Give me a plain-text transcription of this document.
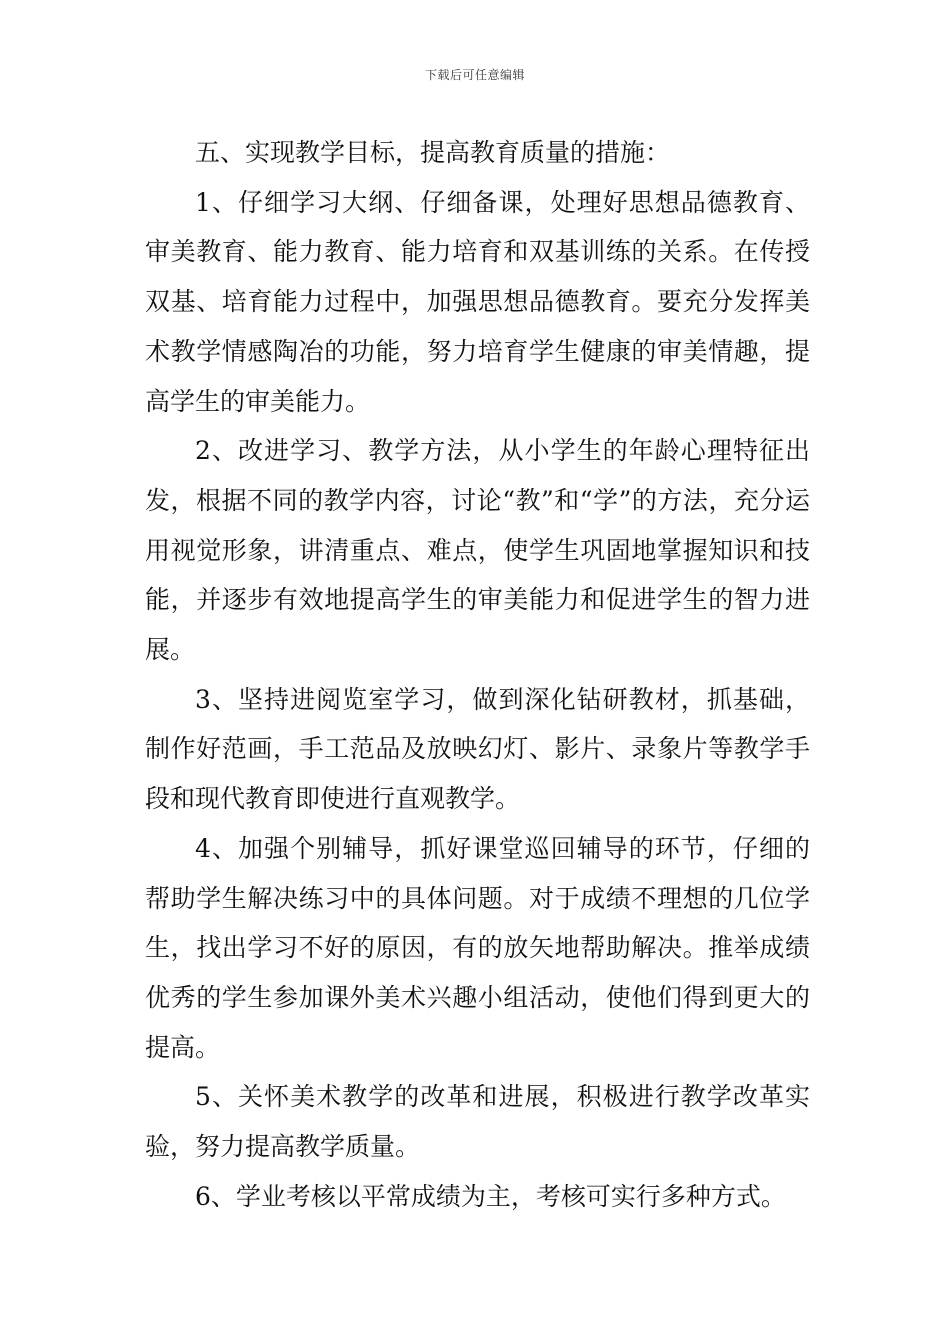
下载后可任意编辑

五、实现教学目标，提高教育质量的措施：

1、仔细学习大纲、仔细备课，处理好思想品德教育、审美教育、能力教育、能力培育和双基训练的关系。在传授双基、培育能力过程中，加强思想品德教育。要充分发挥美术教学情感陶冶的功能，努力培育学生健康的审美情趣，提高学生的审美能力。

2、改进学习、教学方法，从小学生的年龄心理特征出发，根据不同的教学内容，讨论“教”和“学”的方法，充分运用视觉形象，讲清重点、难点，使学生巩固地掌握知识和技能，并逐步有效地提高学生的审美能力和促进学生的智力进展。

3、坚持进阅览室学习，做到深化钻研教材，抓基础，制作好范画，手工范品及放映幻灯、影片、录象片等教学手段和现代教育即使进行直观教学。

4、加强个别辅导，抓好课堂巡回辅导的环节，仔细的帮助学生解决练习中的具体问题。对于成绩不理想的几位学生，找出学习不好的原因，有的放矢地帮助解决。推举成绩优秀的学生参加课外美术兴趣小组活动，使他们得到更大的提高。

5、关怀美术教学的改革和进展，积极进行教学改革实验，努力提高教学质量。

6、学业考核以平常成绩为主，考核可实行多种方式。
